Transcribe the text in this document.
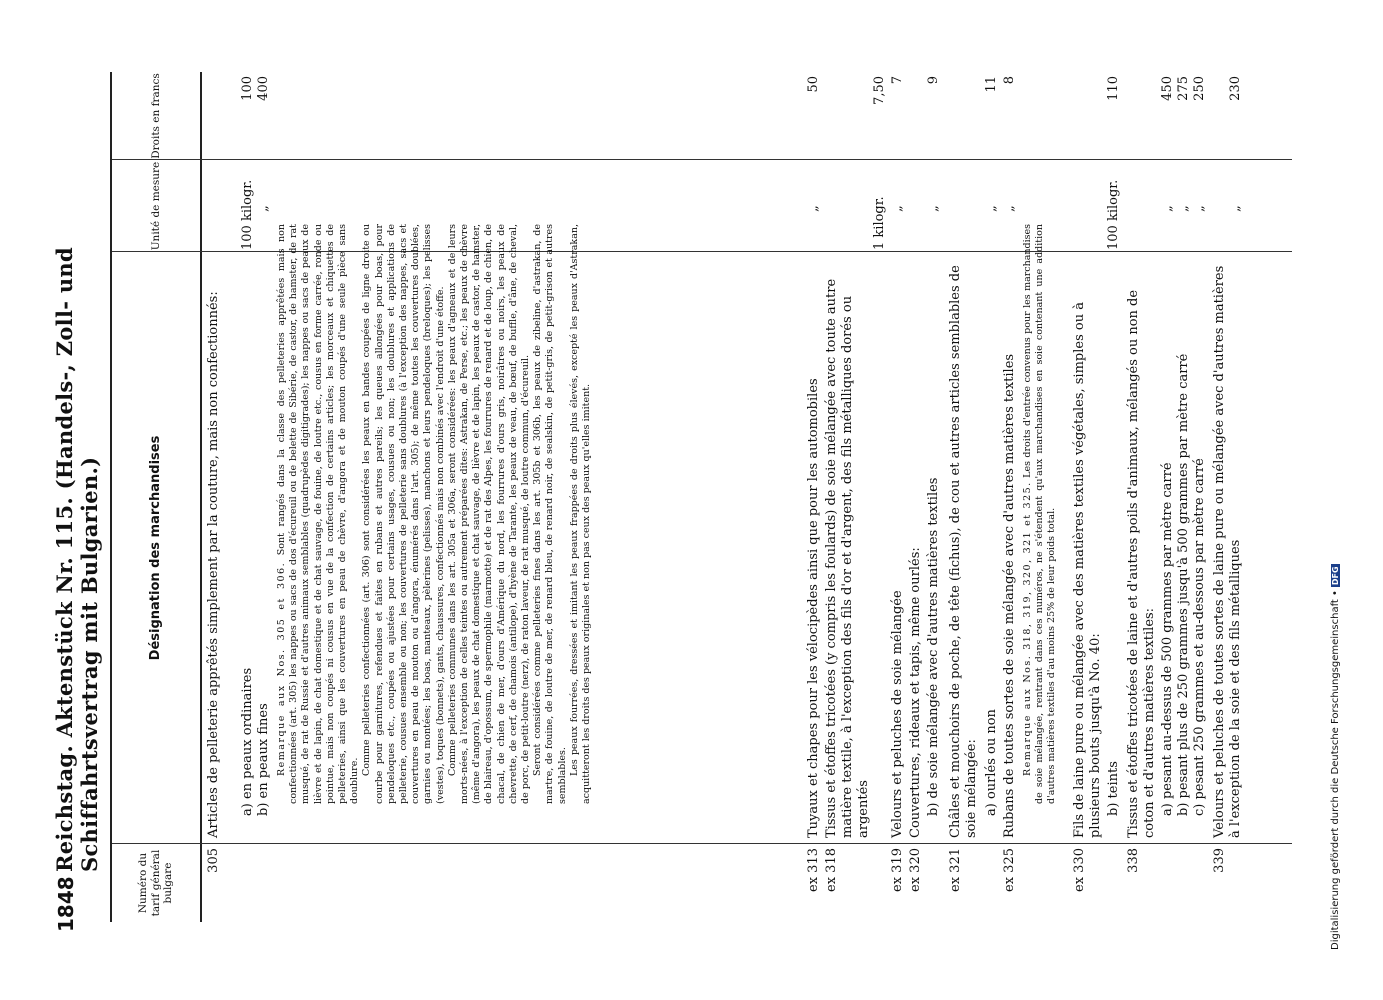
1848
Reichstag. Aktenstück Nr. 115. (Handels-, Zoll- und Schiffahrtsvertrag mit Bulgarien.)
Numéro du tarif général bulgare
Désignation des marchandises
Unité de mesure
Droits en francs
305
Articles de pelleterie apprêtés simplement par la couture, mais non confectionnés: a) en peaux ordinaires
100 kilogr.
100
b) en peaux fines
„
400

Remarque aux Nos. 305 et 306. Sont rangés dans la classe des pelleteries apprêtées mais non confectionnées (art. 305) les nappes ou sacs de dos d'écureuil ou de belette de Sibérie, de castor, de hamster, de rat musqué, de rat de Russie et d'autres animaux semblables (quadrupèdes digitigrades); les nappes ou sacs de peaux de lièvre et de lapin, de chat domestique et de chat sauvage, de fouine, de loutre etc., cousus en forme carrée, ronde ou pointue, mais non coupés ni cousus en vue de la confection de certains articles; les morceaux et chiquettes de pelleteries, ainsi que les couvertures en peau de chèvre, d'angora et de mouton coupés d'une seule pièce sans doublure.

Comme pelleteries confectionnées (art. 306) sont considérées les peaux en bandes coupées de ligne droite ou courbe pour garnitures, refendues et faites en rubans et autres pareils; les queues allongées pour boas, pour pendeloques etc., coupées ou ajustées pour certains usages, cousues ou non; les doublures et applications de pelleterie, cousues ensemble ou non; les couvertures de pelleterie sans doublures (à l'exception des nappes, sacs et couvertures en peau de mouton ou d'angora, énumérés dans l'art. 305); de même toutes les couvertures doublées, garnies ou montées; les boas, manteaux, pèlerines (pelisses), manchons et leurs pendeloques (breloques); les pelisses (vestes), toques (bonnets), gants, chaussures, confectionnés mais non combinés avec l'endroit d'une étoffe. Comme pelleteries communes dans les art. 305a et 306a, seront considérées: les peaux d'agneaux et de leurs morts-nées, à l'exception de celles teintes ou autrement préparées dites: Astrakan, de Perse, etc.; les peaux de chèvre (même d'angora), les peaux de chat domestique et chat sauvage, de lièvre et de lapin, les peaux de castor, de hamster, de blaireau, d'opossum, de spermophile (marmotte) et de rat des Alpes, les fourrures de renard et de loup, de chien, de chacal, de chien de mer, d'ours d'Amérique du nord, les fourrures d'ours gris, noirâtres ou noirs, les peaux de chevrette, de cerf, de chamois (antilope), d'hyène de Tarante, les peaux de veau, de bœuf, de buffle, d'âne, de cheval, de porc, de petit-loutre (nerz), de raton laveur, de rat musqué, de loutre commun, d'écureuil. Seront considérées comme pelleteries fines dans les art. 305b et 306b, les peaux de zibeline, d'astrakan, de martre, de fouine, de loutre de mer, de renard bleu, de renard noir, de sealskin, de petit-gris, de petit-grison et autres semblables. Les peaux fourrées, dressées et imitant les peaux frappées de droits plus élevés, excepté les peaux d'Astrakan, acquitteront les droits des peaux originales et non pas ceux des peaux qu'elles imitent.

ex 313
Tuyaux et chapes pour les vélocipèdes ainsi que pour les automobiles
„
50
ex 318
Tissus et étoffes tricotées (y compris les foulards) de soie mélangée avec toute autre matière textile, à l'exception des fils d'or et d'argent, des fils métalliques dorés ou argentés
1 kilogr.
7,50
ex 319
Velours et peluches de soie mélangée
„
7
ex 320
Couvertures, rideaux et tapis, même ourlés: b) de soie mélangée avec d'autres matières textiles
„
9
ex 321
Châles et mouchoirs de poche, de tête (fichus), de cou et autres articles semblables de soie mélangée: a) ourlés ou non
„
11
ex 325
Rubans de toutes sortes de soie mélangée avec d'autres matières textiles
„
8

Remarque aux Nos. 318, 319, 320, 321 et 325. Les droits d'entrée convenus pour les marchandises de soie mélangée, rentrant dans ces numéros, ne s'étendent qu'aux marchandises en soie contenant une addition d'autres matières textiles d'au moins 25% de leur poids total.

ex 330
Fils de laine pure ou mélangée avec des matières textiles végétales, simples ou à plusieurs bouts jusqu'à No. 40: b) teints
100 kilogr.
110
338
Tissus et étoffes tricotées de laine et d'autres poils d'animaux, mélangés ou non de coton et d'autres matières textiles: a) pesant au-dessus de 500 grammes par mètre carré
„
450
b) pesant plus de 250 grammes jusqu'à 500 grammes par mètre carré
„
275
c) pesant 250 grammes et au-dessous par mètre carré
„
250
339
Velours et peluches de toutes sortes de laine pure ou mélangée avec d'autres matières à l'exception de la soie et des fils métalliques
„
230
Digitalisierung gefördert durch die Deutsche Forschungsgemeinschaft •DFG
